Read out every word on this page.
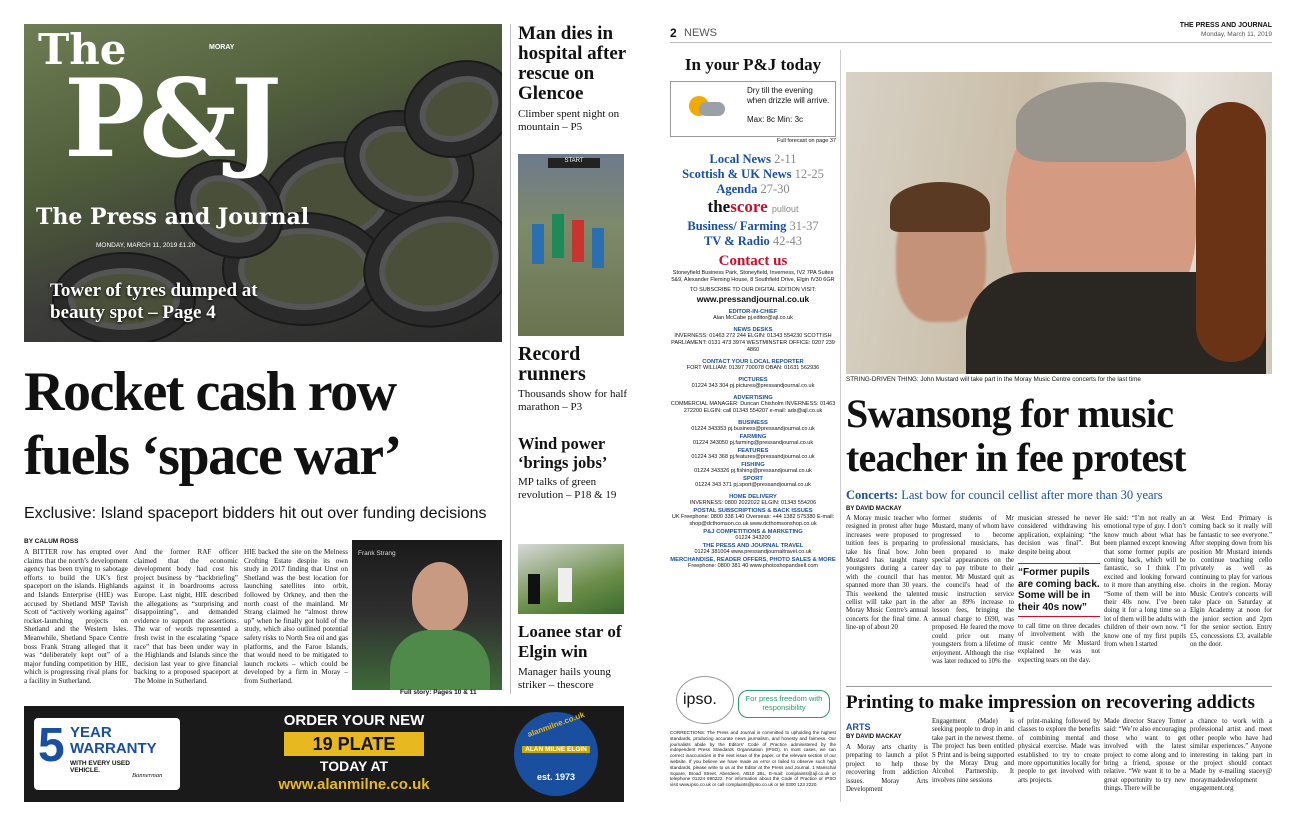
MORAY
The
P&J
The Press and Journal
MONDAY, MARCH 11, 2019 £1.20
Tower of tyres dumped at beauty spot – Page 4
Rocket cash row
fuels ‘space war’
Exclusive: Island spaceport bidders hit out over funding decisions
BY CALUM ROSS

A BITTER row has erupted over claims that the north’s development agency has been trying to sabotage efforts to build the UK’s first spaceport on the islands. Highlands and Islands Enterprise (HIE) was accused by Shetland MSP Tavish Scott of “actively working against” rocket-launching projects on Shetland and the Western Isles. Meanwhile, Shetland Space Centre boss Frank Strang alleged that it was “deliberately kept out” of a major funding competition by HIE, which is progressing rival plans for a facility in Sutherland.

And the former RAF officer claimed that the economic development body had cost his project business by “backbriefing” against it in boardrooms across Europe. Last night, HIE described the allegations as “surprising and disappointing”, and demanded evidence to support the assertions. The war of words represented a fresh twist in the escalating “space race” that has been under way in the Highlands and Islands since the decision last year to give financial backing to a proposed spaceport at The Moine in Sutherland.

HIE backed the site on the Melness Crofting Estate despite its own study in 2017 finding that Unst on Shetland was the best location for launching satellites into orbit, followed by Orkney, and then the north coast of the mainland. Mr Strang claimed he “almost threw up” when he finally got hold of the study, which also outlined potential safety risks to North Sea oil and gas platforms, and the Faroe Islands, that would need to be mitigated to launch rockets – which could be developed by a firm in Moray – from Sutherland.

Frank Strang
Full story: Pages 10 & 11
Man dies in hospital after rescue on Glencoe
Climber spent night on mountain – P5
START
Record runners
Thousands show for half marathon – P3
Wind power ‘brings jobs’
MP talks of green revolution – P18 & 19
Loanee star of Elgin win
Manager hails young striker – thescore
5 YEAR
WARRANTY
WITH EVERY USED VEHICLE.
Bannerman
ORDER YOUR NEW
19 PLATE
TODAY AT
www.alanmilne.co.uk
alanmilne.co.uk
ALAN MILNE ELGIN
est. 1973
2 NEWS
THE PRESS AND JOURNAL
Monday, March 11, 2019
In your P&J today
Dry till the evening when drizzle will arrive.
Max: 8c Min: 3c
Full forecast on page 37
Local News 2-11
Scottish & UK News 12-25
Agenda 27-30
thescore pullout
Business/ Farming 31-37
TV & Radio 42-43
Contact us
Stoneyfield Business Park, Stoneyfield, Inverness, IV2 7PA Suites 5&9, Alexander Fleming House, 8 Southfield Drive, Elgin IV30 6GR
TO SUBSCRIBE TO OUR DIGITAL EDITION VISIT:
www.pressandjournal.co.uk
EDITOR-IN-CHIEF
Alan McCabe pj.editor@ajl.co.uk
NEWS DESKS
INVERNESS: 01463 272 244 ELGIN: 01343 554230 SCOTTISH PARLIAMENT: 0131 473 3974 WESTMINSTER OFFICE: 0207 239 4860
CONTACT YOUR LOCAL REPORTER
FORT WILLIAM: 01397 700078 OBAN: 01631 562936
PICTURES
01224 343 304 pj.pictures@pressandjournal.co.uk
ADVERTISING
COMMERCIAL MANAGER: Duncan Chisholm INVERNESS: 01463 272200 ELGIN: call 01343 554207 e-mail: ads@ajl.co.uk
BUSINESS
01224 343353 pj.business@pressandjournal.co.uk
FARMING
01224 343050 pj.farming@pressandjournal.co.uk
FEATURES
01224 343 368 pj.features@pressandjournal.co.uk
FISHING
01224 343326 pj.fishing@pressandjournal.co.uk
SPORT
01224 343 371 pj.sport@pressandjournal.co.uk
HOME DELIVERY
INVERNESS: 0800 2022022 ELGIN: 01343 554206
POSTAL SUBSCRIPTIONS & BACK ISSUES
UK Freephone: 0800 338 140 Overseas: +44 1382 575380 E-mail: shop@dcthomson.co.uk www.dcthomsonshop.co.uk
P&J COMPETITIONS & MARKETING
01224 343200
THE PRESS AND JOURNAL TRAVEL
01224 381004 www.pressandjournaltravel.co.uk
MERCHANDISE, READER OFFERS, PHOTO SALES & MORE
Freephone: 0800 381 40 www.photoshopandsell.com
ipso.	For press freedom with responsibility
CORRECTIONS: The Press and Journal is committed to upholding the highest standards, producing accurate news journalism, and honesty and fairness. Our journalists abide by the Editors' Code of Practice administered by the independent Press Standards Organisation (IPSO). In most cases, we can correct inaccuracies in the next issue of the paper, or the relevant section of our website. If you believe we have made an error or failed to observe such high standards, please write to us at the Editor at the Press and Journal, 1 Marischal Square, Broad Street, Aberdeen, AB10 1BL, E-mail: complaints@ajl.co.uk or telephone 01224 690222. For information about the Code of Practice or IPSO visit www.ipso.co.uk or call complaints@ipso.co.uk or tel 0300 123 2220.
STRING-DRIVEN THING: John Mustard will take part in the Moray Music Centre concerts for the last time
Swansong for music
teacher in fee protest
Concerts: Last bow for council cellist after more than 30 years
BY DAVID MACKAY

A Moray music teacher who resigned in protest after huge increases were proposed to tuition fees is preparing to take his final bow. John Mustard has taught many youngsters during a career with the council that has spanned more than 30 years. This weekend the talented cellist will take part in the Moray Music Centre's annual concerts for the final time. A line-up of about 20

former students of Mr Mustard, many of whom have progressed to become professional musicians, has been prepared to make special appearances on the day to pay tribute to their mentor. Mr Mustard quit as the council's head of the music instruction service after an 89% increase to lesson fees, bringing the annual charge to £690, was proposed. He feared the move could price out many youngsters from a lifetime of enjoyment. Although the rise was later reduced to 10% the

musician stressed he never considered withdrawing his application, explaining: “the decision was final”. But despite being about

“Former pupils are coming back. Some will be in their 40s now”

to call time on three decades of involvement with the music centre Mr Mustard explained he was not expecting tears on the day.

He said: “I’m not really an emotional type of guy. I don’t know much about what has been planned except knowing that some former pupils are coming back, which will be fantastic, so I think I’m excited and looking forward to it more than anything else. “Some of them will be into their 40s now. I’ve been doing it for a long time so a lot of them will be adults with children of their own now. “I know one of my first pupils from when I started

at West End Primary is coming back so it really will be fantastic to see everyone.” After stepping down from his position Mr Mustard intends to continue teaching cello privately as well as continuing to play for various choirs in the region. Moray Music Centre's concerts will take place on Saturday at Elgin Academy at noon for the junior section and 2pm for the senior section. Entry £5, concessions £3, available on the door.

Printing to make impression on recovering addicts
ARTS
BY DAVID MACKAY

A Moray arts charity is preparing to launch a pilot project to help those recovering from addiction issues. Moray Arts Development

Engagement (Made) is seeking people to drop in and take part in the newest theme. The project has been entitled S Print and is being supported by the Moray Drug and Alcohol Partnership. It involves nine sessions

of print-making followed by classes to explore the benefits of combining mental and physical exercise. Made was established to try to create more opportunities locally for people to get involved with arts projects.

Made director Stacey Tomer said: “We’re also encouraging those who want to get involved with the latest project to come along and to bring a friend, spouse or relative. “We want it to be a great opportunity to try new things. There will be

a chance to work with a professional artist and meet other people who have had similar experiences.” Anyone interesting in taking part in the project should contact Made by e-mailing stacey@ moraymadedevelopment engagement.org
